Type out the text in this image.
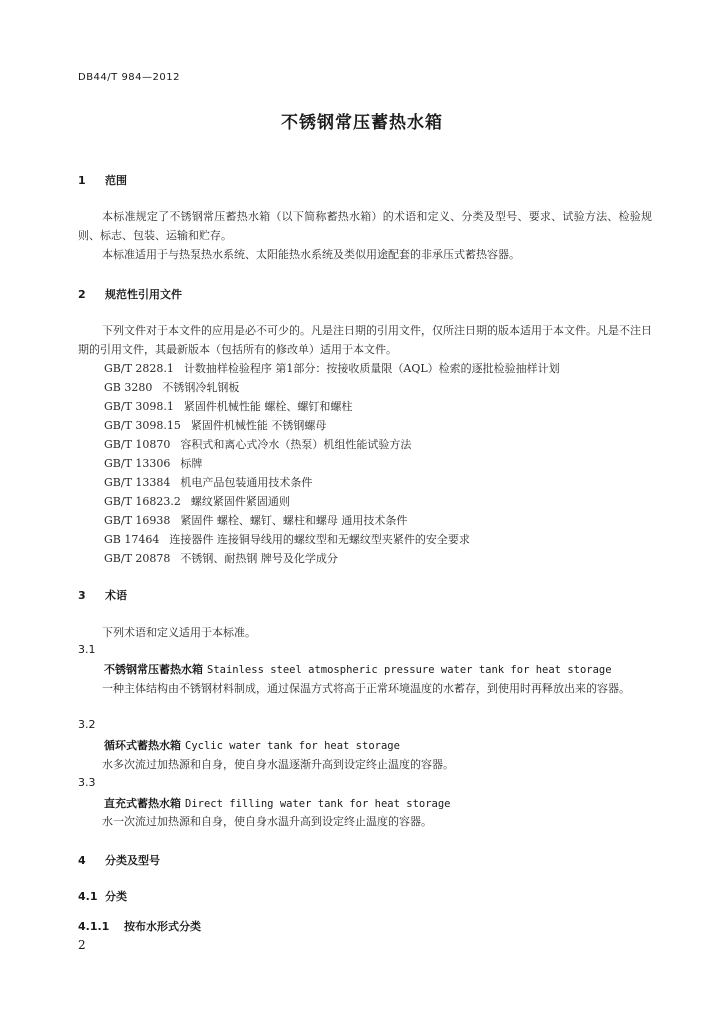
DB44/T 984—2012
不锈钢常压蓄热水箱
1 范围
本标准规定了不锈钢常压蓄热水箱（以下简称蓄热水箱）的术语和定义、分类及型号、要求、试验方法、检验规则、标志、包装、运输和贮存。
本标准适用于与热泵热水系统、太阳能热水系统及类似用途配套的非承压式蓄热容器。
2 规范性引用文件
下列文件对于本文件的应用是必不可少的。凡是注日期的引用文件，仅所注日期的版本适用于本文件。凡是不注日期的引用文件，其最新版本（包括所有的修改单）适用于本文件。
GB/T 2828.1 计数抽样检验程序 第1部分：按接收质量限（AQL）检索的逐批检验抽样计划
GB 3280 不锈钢冷轧钢板
GB/T 3098.1 紧固件机械性能 螺栓、螺钉和螺柱
GB/T 3098.15 紧固件机械性能 不锈钢螺母
GB/T 10870 容积式和离心式冷水（热泵）机组性能试验方法
GB/T 13306 标牌
GB/T 13384 机电产品包装通用技术条件
GB/T 16823.2 螺纹紧固件紧固通则
GB/T 16938 紧固件 螺栓、螺钉、螺柱和螺母 通用技术条件
GB 17464 连接器件 连接铜导线用的螺纹型和无螺纹型夹紧件的安全要求
GB/T 20878 不锈钢、耐热钢 牌号及化学成分
3 术语
下列术语和定义适用于本标准。
3.1
不锈钢常压蓄热水箱 Stainless steel atmospheric pressure water tank for heat storage
一种主体结构由不锈钢材料制成，通过保温方式将高于正常环境温度的水蓄存，到使用时再释放出来的容器。
3.2
循环式蓄热水箱 Cyclic water tank for heat storage
水多次流过加热源和自身，使自身水温逐渐升高到设定终止温度的容器。
3.3
直充式蓄热水箱 Direct filling water tank for heat storage
水一次流过加热源和自身，使自身水温升高到设定终止温度的容器。
4 分类及型号
4.1 分类
4.1.1 按布水形式分类
2
